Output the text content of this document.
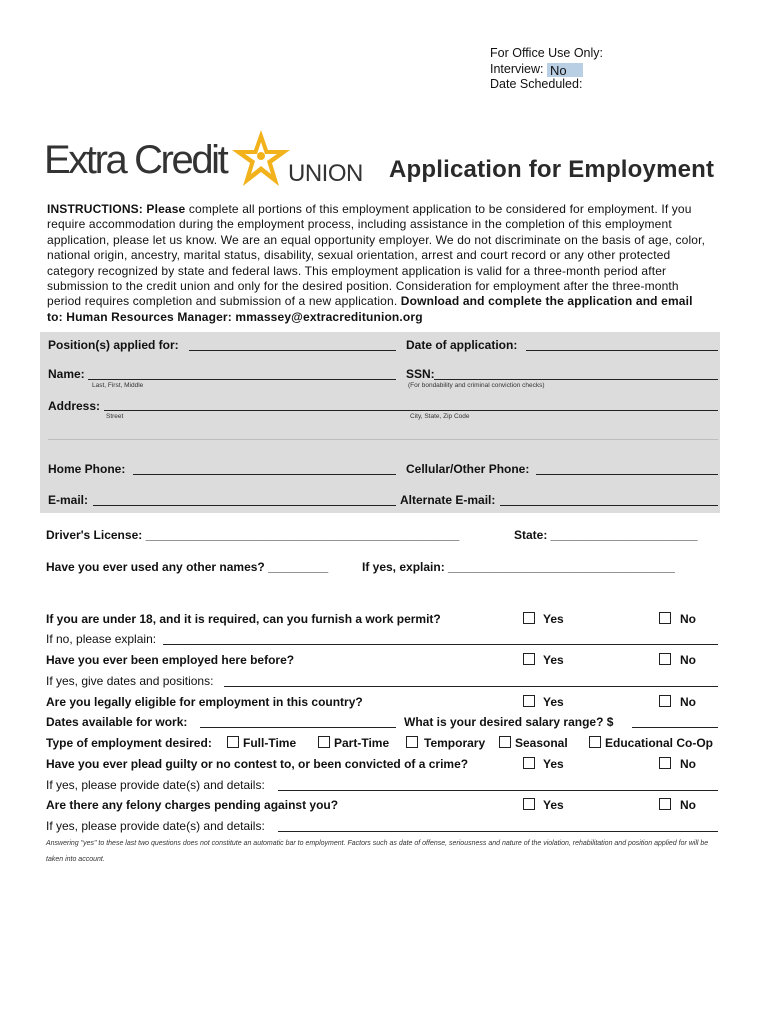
For Office Use Only:
Interview: No
Date Scheduled:
Extra Credit	UNION Application for Employment
INSTRUCTIONS: Please complete all portions of this employment application to be considered for employment. If you require accommodation during the employment process, including assistance in the completion of this employment application, please let us know. We are an equal opportunity employer. We do not discriminate on the basis of age, color, national origin, ancestry, marital status, disability, sexual orientation, arrest and court record or any other protected category recognized by state and federal laws. This employment application is valid for a three-month period after submission to the credit union and only for the desired position. Consideration for employment after the three-month period requires completion and submission of a new application. Download and complete the application and email to: Human Resources Manager: mmassey@extracreditunion.org
Position(s) applied for:	Date of application:
Name:
Last, First, Middle
SSN:
(For bondability and criminal conviction checks)
Address:
Street	City, State, Zip Code
Home Phone:	Cellular/Other Phone:
E-mail:	Alternate E-mail:
Driver's License: _______________________________________________	State: ______________________
Have you ever used any other names? _________	If yes, explain: __________________________________
If you are under 18, and it is required, can you furnish a work permit?	Yes	No
If no, please explain:
Have you ever been employed here before?	Yes	No
If yes, give dates and positions:
Are you legally eligible for employment in this country?	Yes	No
Dates available for work:	What is your desired salary range? $
Type of employment desired:	Full-Time	Part-Time	Temporary Seasonal	Educational Co-Op
Have you ever plead guilty or no contest to, or been convicted of a crime?	Yes	No
If yes, please provide date(s) and details:
Are there any felony charges pending against you?	Yes	No
If yes, please provide date(s) and details:
Answering "yes" to these last two questions does not constitute an automatic bar to employment. Factors such as date of offense, seriousness and nature of the violation, rehabilitation and position applied for will be taken into account.
